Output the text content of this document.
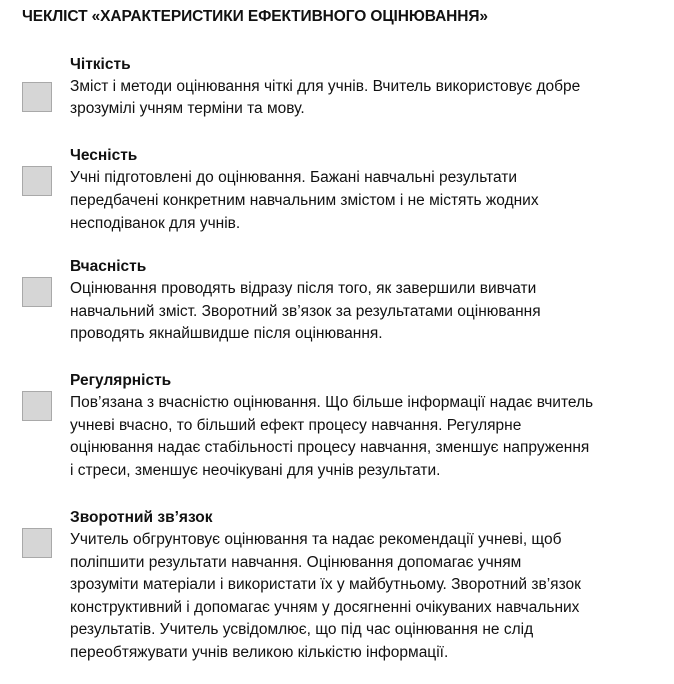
ЧЕКЛІСТ «ХАРАКТЕРИСТИКИ ЕФЕКТИВНОГО ОЦІНЮВАННЯ»
Чіткість
Зміст і методи оцінювання чіткі для учнів. Вчитель використовує добре
зрозумілі учням терміни та мову.
Чесність
Учні підготовлені до оцінювання. Бажані навчальні результати
передбачені конкретним навчальним змістом і не містять жодних
несподіванок для учнів.
Вчасність
Оцінювання проводять відразу після того, як завершили вивчати
навчальний зміст. Зворотний зв’язок за результатами оцінювання
проводять якнайшвидше після оцінювання.
Регулярність
Пов’язана з вчасністю оцінювання. Що більше інформації надає вчитель
учневі вчасно, то більший ефект процесу навчання. Регулярне
оцінювання надає стабільності процесу навчання, зменшує напруження
і стреси, зменшує неочікувані для учнів результати.
Зворотний зв’язок
Учитель обгрунтовує оцінювання та надає рекомендації учневі, щоб
поліпшити результати навчання. Оцінювання допомагає учням
зрозуміти матеріали і використати їх у майбутньому. Зворотний зв’язок
конструктивний і допомагає учням у досягненні очікуваних навчальних
результатів. Учитель усвідомлює, що під час оцінювання не слід
переобтяжувати учнів великою кількістю інформації.
